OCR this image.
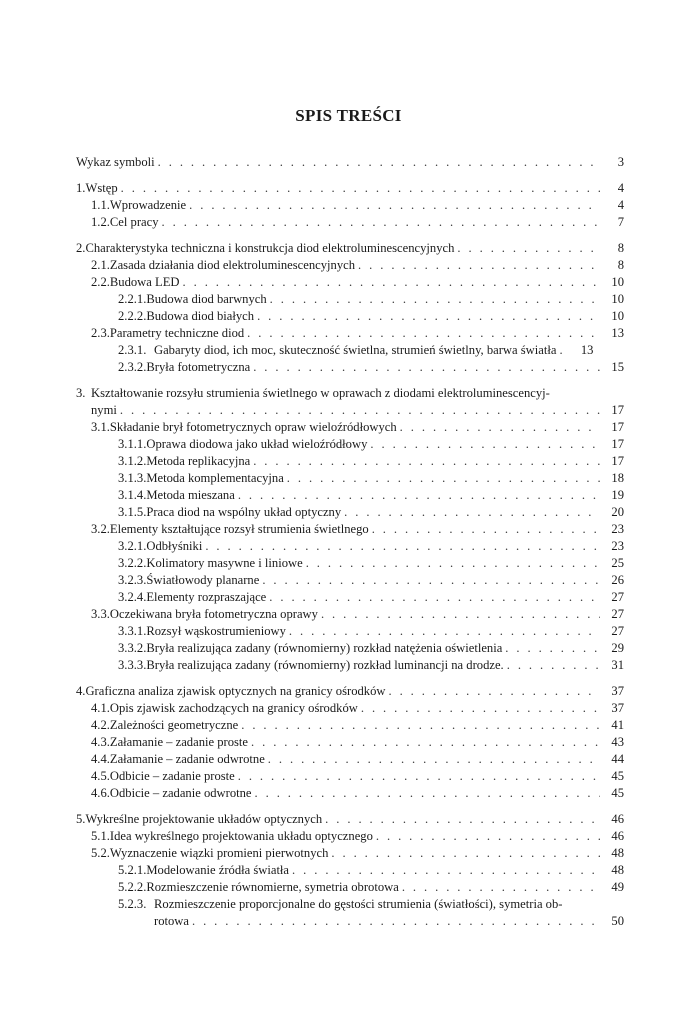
SPIS TREŚCI
Wykaz symboli . . .	3
1. Wstęp . . .	4
1.1. Wprowadzenie . . .	4
1.2. Cel pracy . . .	7
2. Charakterystyka techniczna i konstrukcja diod elektroluminescencyjnych . . .	8
2.1. Zasada działania diod elektroluminescencyjnych . . .	8
2.2. Budowa LED . . .	10
2.2.1. Budowa diod barwnych . . .	10
2.2.2. Budowa diod białych . . .	10
2.3. Parametry techniczne diod . . .	13
2.3.1. Gabaryty diod, ich moc, skuteczność świetlna, strumień świetlny, barwa światła . . .	13
2.3.2. Bryła fotometryczna . . .	15
3. Kształtowanie rozsyłu strumienia świetlnego w oprawach z diodami elektroluminescencyj-
nymi . . .	17
3.1. Składanie brył fotometrycznych opraw wieloźródłowych . . .	17
3.1.1. Oprawa diodowa jako układ wieloźródłowy . . .	17
3.1.2. Metoda replikacyjna . . .	17
3.1.3. Metoda komplementacyjna . . .	18
3.1.4. Metoda mieszana . . .	19
3.1.5. Praca diod na wspólny układ optyczny . . .	20
3.2. Elementy kształtujące rozsył strumienia świetlnego . . .	23
3.2.1. Odbłyśniki . . .	23
3.2.2. Kolimatory masywne i liniowe . . .	25
3.2.3. Światłowody planarne . . .	26
3.2.4. Elementy rozpraszające . . .	27
3.3. Oczekiwana bryła fotometryczna oprawy . . .	27
3.3.1. Rozsył wąskostrumieniowy . . .	27
3.3.2. Bryła realizująca zadany (równomierny) rozkład natężenia oświetlenia . . .	29
3.3.3. Bryła realizująca zadany (równomierny) rozkład luminancji na drodze. . . .	31
4. Graficzna analiza zjawisk optycznych na granicy ośrodków . . .	37
4.1. Opis zjawisk zachodzących na granicy ośrodków . . .	37
4.2. Zależności geometryczne . . .	41
4.3. Załamanie – zadanie proste . . .	43
4.4. Załamanie – zadanie odwrotne . . .	44
4.5. Odbicie – zadanie proste . . .	45
4.6. Odbicie – zadanie odwrotne . . .	45
5. Wykreślne projektowanie układów optycznych . . .	46
5.1. Idea wykreślnego projektowania układu optycznego . . .	46
5.2. Wyznaczenie wiązki promieni pierwotnych . . .	48
5.2.1. Modelowanie źródła światła . . .	48
5.2.2. Rozmieszczenie równomierne, symetria obrotowa . . .	49
5.2.3. Rozmieszczenie proporcjonalne do gęstości strumienia (światłości), symetria ob-
rotowa . . .	50
